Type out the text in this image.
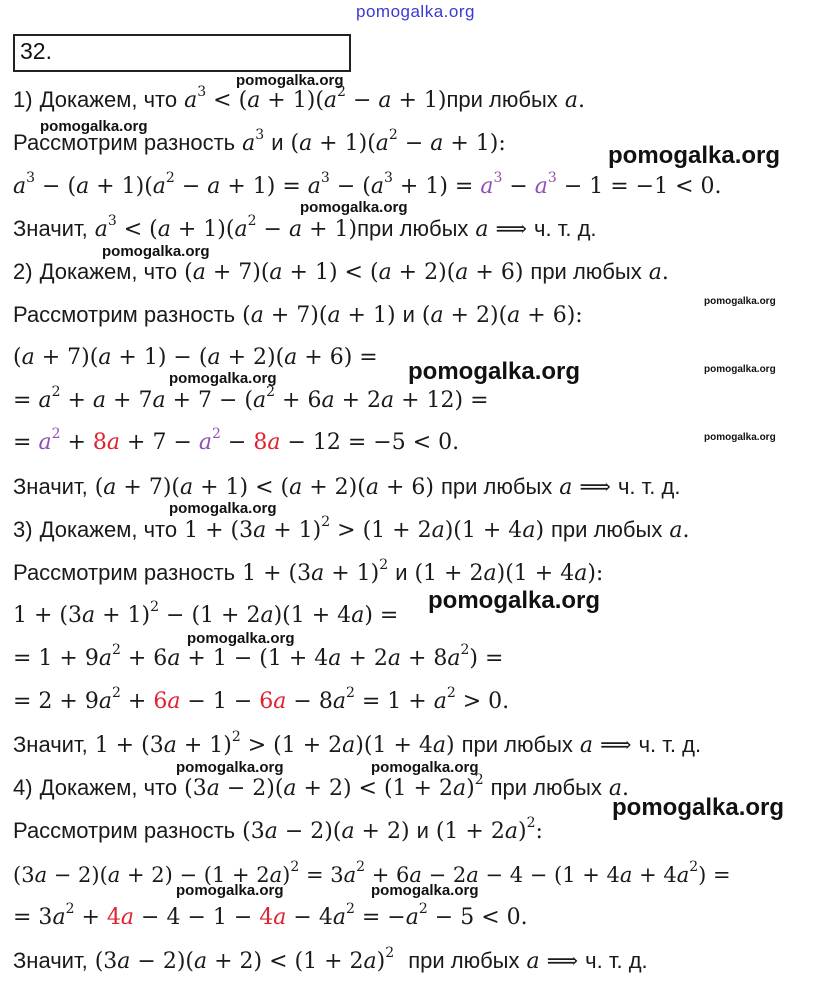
pomogalka.org
32.
1) Докажем, что $a^3 < (a + 1)(a^2 - a + 1)при$ любых a.
Рассмотрим разность $a^3$ и $(a + 1)(a^2 - a + 1)$:
$a^3 - (a + 1)(a^2 - a + 1) = a^3 - (a^3 + 1) = a^3 - a^3 - 1 = -1 < 0$.
Значит, $a^3 < (a + 1)(a^2 - a + 1)при$ любых a ⟹ ч. т. д.
2) Докажем, что (a + 7)(a + 1) < (a + 2)(a + 6) при любых a.
Рассмотрим разность (a + 7)(a + 1) и (a + 2)(a + 6):
(a + 7)(a + 1) − (a + 2)(a + 6) =
= $a^2 + a + 7a + 7 - (a^2 + 6a + 2a + 12)$ =
= $a^2 + 8a + 7 - a^2 - 8a - 12 = -5 < 0$.
Значит, (a + 7)(a + 1) < (a + 2)(a + 6) при любых a ⟹ ч. т. д.
3) Докажем, что $1 + (3a + 1)^2 > (1 + 2a)(1 + 4a)$ при любых a.
Рассмотрим разность $1 + (3a + 1)^2$ и (1 + 2a)(1 + 4a):
$1 + (3a + 1)^2 - (1 + 2a)(1 + 4a)$ =
= $1 + 9a^2 + 6a + 1 - (1 + 4a + 2a + 8a^2)$ =
= $2 + 9a^2 + 6a - 1 - 6a - 8a^2 = 1 + a^2 > 0$.
Значит, $1 + (3a + 1)^2 > (1 + 2a)(1 + 4a)$ при любых a ⟹ ч. т. д.
4) Докажем, что $(3a - 2)(a + 2) < (1 + 2a)^2$ при любых a.
Рассмотрим разность (3a − 2)(a + 2) и $(1 + 2a)^2$:
$(3a - 2)(a + 2) - (1 + 2a)^2 = 3a^2 + 6a - 2a - 4 - (1 + 4a + 4a^2)$ =
= $3a^2 + 4a - 4 - 1 - 4a - 4a^2 = -a^2 - 5 < 0$.
Значит, $(3a - 2)(a + 2) < (1 + 2a)^2$ при любых a ⟹ ч. т. д.
pomogalka.org
pomogalka.org
pomogalka.org
pomogalka.org
pomogalka.org
pomogalka.org
pomogalka.org	pomogalka.org
pomogalka.org
pomogalka.org
pomogalka.org
pomogalka.org
pomogalka.org
pomogalka.org	pomogalka.org
pomogalka.org
pomogalka.org	pomogalka.org
